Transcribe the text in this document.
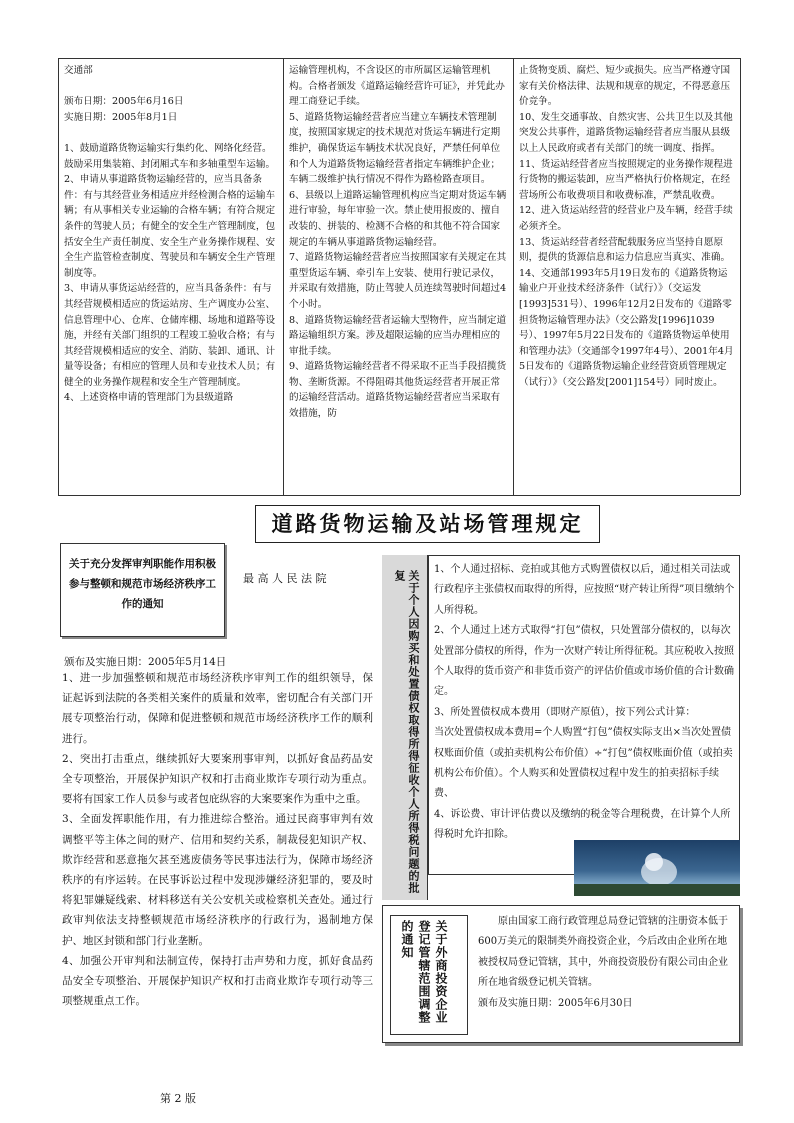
交通部

颁布日期：2005年6月16日

实施日期：2005年8月1日

1、鼓励道路货物运输实行集约化、网络化经营。鼓励采用集装箱、封闭厢式车和多轴重型车运输。

2、申请从事道路货物运输经营的，应当具备条件：有与其经营业务相适应并经检测合格的运输车辆；有从事相关专业运输的合格车辆；有符合规定条件的驾驶人员；有健全的安全生产管理制度，包括安全生产责任制度、安全生产业务操作规程、安全生产监管检查制度、驾驶员和车辆安全生产管理制度等。

3、申请从事货运站经营的，应当具备条件：有与其经营规模相适应的货运站房、生产调度办公室、信息管理中心、仓库、仓储库棚、场地和道路等设施，并经有关部门组织的工程竣工验收合格；有与其经营规模相适应的安全、消防、装卸、通讯、计量等设备；有相应的管理人员和专业技术人员；有健全的业务操作规程和安全生产管理制度。

4、上述资格申请的管理部门为县级道路

运输管理机构，不含设区的市所属区运输管理机构。合格者颁发《道路运输经营许可证》，并凭此办理工商登记手续。

5、道路货物运输经营者应当建立车辆技术管理制度，按照国家规定的技术规范对货运车辆进行定期维护，确保货运车辆技术状况良好，严禁任何单位和个人为道路货物运输经营者指定车辆维护企业；车辆二级维护执行情况不得作为路检路查项目。

6、县级以上道路运输管理机构应当定期对货运车辆进行审验，每年审验一次。禁止使用报废的、擅自改装的、拼装的、检测不合格的和其他不符合国家规定的车辆从事道路货物运输经营。

7、道路货物运输经营者应当按照国家有关规定在其重型货运车辆、牵引车上安装、使用行驶记录仪，并采取有效措施，防止驾驶人员连续驾驶时间超过4个小时。

8、道路货物运输经营者运输大型物件，应当制定道路运输组织方案。涉及超限运输的应当办理相应的审批手续。

9、道路货物运输经营者不得采取不正当手段招揽货物、垄断货源。不得阻碍其他货运经营者开展正常的运输经营活动。道路货物运输经营者应当采取有效措施，防

止货物变质、腐烂、短少或损失。应当严格遵守国家有关价格法律、法规和规章的规定，不得恶意压价竞争。

10、发生交通事故、自然灾害、公共卫生以及其他突发公共事件，道路货物运输经营者应当服从县级以上人民政府或者有关部门的统一调度、指挥。

11、货运站经营者应当按照规定的业务操作规程进行货物的搬运装卸，应当严格执行价格规定，在经营场所公布收费项目和收费标准，严禁乱收费。

12、进入货运站经营的经营业户及车辆，经营手续必须齐全。

13、货运站经营者经营配载服务应当坚持自愿原则，提供的货源信息和运力信息应当真实、准确。

14、交通部1993年5月19日发布的《道路货物运输业户开业技术经济条件（试行）》（交运发[1993]531号）、1996年12月2日发布的《道路零担货物运输管理办法》（交公路发[1996]1039号）、1997年5月22日发布的《道路货物运单使用和管理办法》（交通部令1997年4号）、2001年4月5日发布的《道路货物运输企业经营资质管理规定（试行）》（交公路发[2001]154号）同时废止。

道路货物运输及站场管理规定
关于充分发挥审判职能作用积极参与整顿和规范市场经济秩序工作的通知
最 高 人 民 法 院
颁布及实施日期：2005年5月14日

1、进一步加强整顿和规范市场经济秩序审判工作的组织领导，保证起诉到法院的各类相关案件的质量和效率，密切配合有关部门开展专项整治行动，保障和促进整顿和规范市场经济秩序工作的顺利进行。

2、突出打击重点，继续抓好大要案刑事审判，以抓好食品药品安全专项整治，开展保护知识产权和打击商业欺诈专项行动为重点。要将有国家工作人员参与或者包庇纵容的大案要案作为重中之重。

3、全面发挥职能作用，有力推进综合整治。通过民商事审判有效调整平等主体之间的财产、信用和契约关系，制裁侵犯知识产权、欺诈经营和恶意拖欠甚至逃废债务等民事违法行为，保障市场经济秩序的有序运转。在民事诉讼过程中发现涉嫌经济犯罪的，要及时将犯罪嫌疑线索、材料移送有关公安机关或检察机关查处。通过行政审判依法支持整顿规范市场经济秩序的行政行为，遏制地方保护、地区封锁和部门行业垄断。

4、加强公开审判和法制宣传，保持打击声势和力度，抓好食品药品安全专项整治、开展保护知识产权和打击商业欺诈专项行动等三项整规重点工作。

关于个人因购买和处置债权取得所得征收个人所得税问题的批复

1、个人通过招标、竞拍或其他方式购置债权以后，通过相关司法或行政程序主张债权而取得的所得，应按照“财产转让所得”项目缴纳个人所得税。

2、个人通过上述方式取得“打包”债权，只处置部分债权的，以每次处置部分债权的所得，作为一次财产转让所得征税。其应税收入按照个人取得的货币资产和非货币资产的评估价值或市场价值的合计数确定。

3、所处置债权成本费用（即财产原值），按下列公式计算：

当次处置债权成本费用=个人购置“打包”债权实际支出×当次处置债权账面价值（或拍卖机构公布价值）÷“打包”债权账面价值（或拍卖机构公布价值）。个人购买和处置债权过程中发生的拍卖招标手续费、

4、诉讼费、审计评估费以及缴纳的税金等合理税费，在计算个人所得税时允许扣除。

关于外商投资企业登记管辖范围调整的通知	原由国家工商行政管理总局登记管辖的注册资本低于600万美元的限制类外商投资企业，今后改由企业所在地被授权局登记管辖，其中，外商投资股份有限公司由企业所在地省级登记机关管辖。

颁布及实施日期：2005年6月30日

第 2 版
